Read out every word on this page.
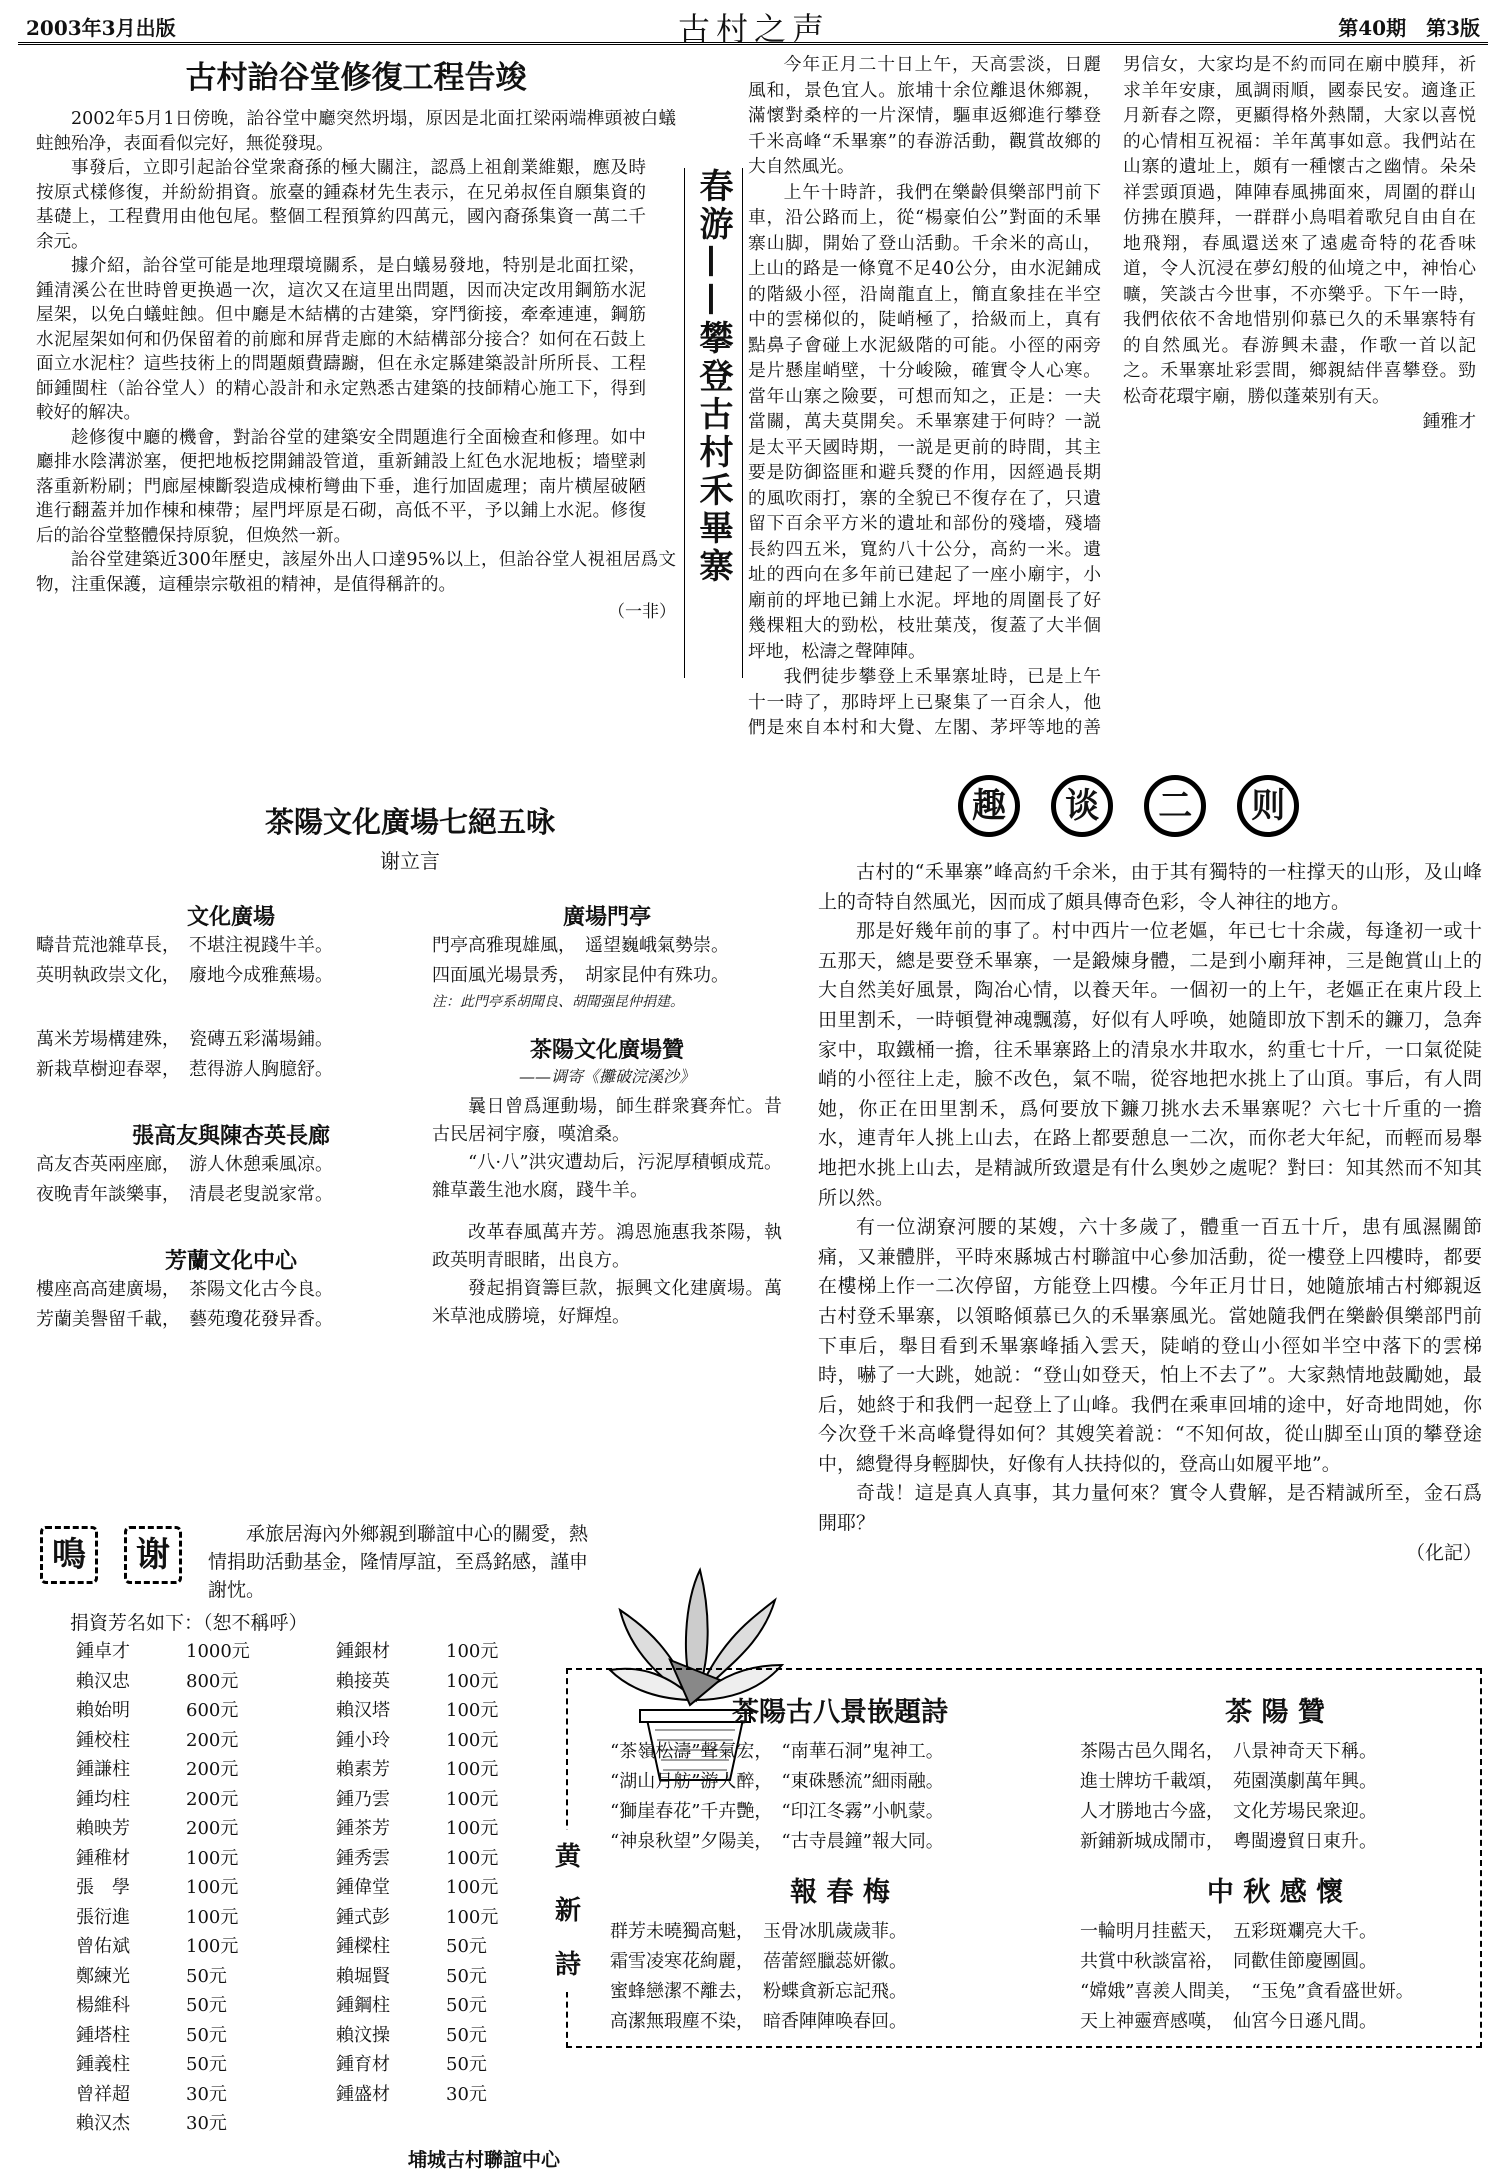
2003年3月出版	古村之声	第40期　第3版
古村詒谷堂修復工程告竣

2002年5月1日傍晚，詒谷堂中廳突然坍塌，原因是北面扛梁兩端榫頭被白蟻蛀蝕殆净，表面看似完好，無從發現。

事發后，立即引起詒谷堂衆裔孫的極大關注，認爲上祖創業維艱，應及時按原式樣修復，并紛紛捐資。旅臺的鍾森材先生表示，在兄弟叔侄自願集資的基礎上，工程費用由他包尾。整個工程預算約四萬元，國內裔孫集資一萬二千余元。

據介紹，詒谷堂可能是地理環境關系，是白蟻易發地，特别是北面扛梁，鍾清溪公在世時曾更换過一次，這次又在這里出問題，因而决定改用鋼筋水泥屋架，以免白蟻蛀蝕。但中廳是木結構的古建築，穿鬥銜接，牽牽連連，鋼筋水泥屋架如何和仍保留着的前廊和屏背走廊的木結構部分接合？如何在石鼓上面立水泥柱？這些技術上的問題頗費躊躕，但在永定縣建築設計所所長、工程師鍾閩柱（詒谷堂人）的精心設計和永定熟悉古建築的技師精心施工下，得到較好的解决。

趁修復中廳的機會，對詒谷堂的建築安全問題進行全面檢查和修理。如中廳排水陰溝淤塞，便把地板挖開鋪設管道，重新鋪設上紅色水泥地板；墻壁剥落重新粉刷；門廊屋棟斷裂造成棟桁彎曲下垂，進行加固處理；南片横屋破陋進行翻蓋并加作棟和棟帶；屋門坪原是石砌，高低不平，予以鋪上水泥。修復后的詒谷堂整體保持原貌，但焕然一新。

詒谷堂建築近300年歷史，該屋外出人口達95%以上，但詒谷堂人視祖居爲文物，注重保護，這種崇宗敬祖的精神，是值得稱許的。

（一非）
春游——攀登古村禾畢寨

今年正月二十日上午，天高雲淡，日麗風和，景色宜人。旅埔十余位離退休鄉親，滿懷對桑梓的一片深情，驅車返鄉進行攀登千米高峰“禾畢寨”的春游活動，觀賞故鄉的大自然風光。

上午十時許，我們在樂齡俱樂部門前下車，沿公路而上，從“楊豪伯公”對面的禾畢寨山脚，開始了登山活動。千余米的高山，上山的路是一條寬不足40公分，由水泥鋪成的階級小徑，沿崗龍直上，簡直象挂在半空中的雲梯似的，陡峭極了，拾級而上，真有點鼻子會碰上水泥級階的可能。小徑的兩旁是片懸崖峭壁，十分峻險，確實令人心寒。當年山寨之險要，可想而知之，正是：一夫當關，萬夫莫開矣。禾畢寨建于何時？一説是太平天國時期，一説是更前的時間，其主要是防御盜匪和避兵燹的作用，因經過長期的風吹雨打，寨的全貌已不復存在了，只遺留下百余平方米的遺址和部份的殘墻，殘墻長約四五米，寬約八十公分，高約一米。遺址的西向在多年前已建起了一座小廟宇，小廟前的坪地已鋪上水泥。坪地的周圍長了好幾棵粗大的勁松，枝壯葉茂，復蓋了大半個坪地，松濤之聲陣陣。

我們徒步攀登上禾畢寨址時，已是上午十一時了，那時坪上已聚集了一百余人，他們是來自本村和大覺、左閣、茅坪等地的善男信女，大家均是不約而同在廟中膜拜，祈求羊年安康，風調雨順，國泰民安。適逢正月新春之際，更顯得格外熱鬧，大家以喜悦的心情相互祝福：羊年萬事如意。我們站在山寨的遺址上，頗有一種懷古之幽情。朵朵祥雲頭頂過，陣陣春風拂面來，周圍的群山仿拂在膜拜，一群群小鳥唱着歌兒自由自在地飛翔，春風還送來了遠處奇特的花香味道，令人沉浸在夢幻般的仙境之中，神怡心曠，笑談古今世事，不亦樂乎。下午一時，我們依依不舍地惜别仰慕已久的禾畢寨特有的自然風光。春游興未盡，作歌一首以記之。禾畢寨址彩雲間，鄉親結伴喜攀登。勁松奇花環宇廟，勝似蓬萊别有天。

鍾雅才
茶陽文化廣場七絕五咏
谢立言
文化廣場
疇昔荒池雜草長，　不堪注視踐牛羊。
英明執政崇文化，　廢地今成雅蕪場。
萬米芳場構建殊，　瓷磚五彩滿場鋪。
新栽草樹迎春翠，　惹得游人胸臆舒。
張高友與陳杏英長廊
高友杏英兩座廊，　游人休憩乘風凉。
夜晚青年談樂事，　清晨老叟説家常。
芳蘭文化中心
樓座高高建廣場，　茶陽文化古今良。
芳蘭美譽留千載，　藝苑瓊花發异香。
廣場門亭
門亭高雅現雄風，　遥望巍峨氣勢崇。
四面風光場景秀，　胡家昆仲有殊功。
注：此門亭系胡聞良、胡聞强昆仲捐建。
茶陽文化廣場贊
——调寄《攤破浣溪沙》

曩日曾爲運動場，師生群衆賽奔忙。昔古民居祠宇廢，嘆滄桑。

“八·八”洪灾遭劫后，污泥厚積頓成荒。雜草叢生池水腐，踐牛羊。

改革春風萬卉芳。鴻恩施惠我茶陽，執政英明青眼睹，出良方。

發起捐資籌巨款，振興文化建廣場。萬米草池成勝境，好輝煌。

鳴	谢
承旅居海內外鄉親到聯誼中心的關愛，熱情捐助活動基金，隆情厚誼，至爲銘感，謹申謝忱。
捐資芳名如下：（恕不稱呼）
鍾卓才	1000元
賴汉忠	800元
賴始明	600元
鍾校柱	200元
鍾謙柱	200元
鍾均柱	200元
賴映芳	200元
鍾稚材	100元
張　學	100元
張衍進	100元
曾佑斌	100元
鄭練光	50元
楊維科	50元
鍾塔柱	50元
鍾義柱	50元
曾祥超	30元
賴汉杰	30元
鍾銀材	100元
賴接英	100元
賴汉塔	100元
鍾小玲	100元
賴素芳	100元
鍾乃雲	100元
鍾茶芳	100元
鍾秀雲	100元
鍾偉堂	100元
鍾式彭	100元
鍾樑柱	50元
賴堀賢	50元
鍾鋼柱	50元
賴汶操	50元
鍾育材	50元
鍾盛材	30元
埔城古村聯誼中心
趣 谈 二 则

古村的“禾畢寨”峰高約千余米，由于其有獨特的一柱撑天的山形，及山峰上的奇特自然風光，因而成了頗具傳奇色彩，令人神往的地方。

那是好幾年前的事了。村中西片一位老嫗，年已七十余歲，每逢初一或十五那天，總是要登禾畢寨，一是鍛煉身體，二是到小廟拜神，三是飽賞山上的大自然美好風景，陶冶心情，以養天年。一個初一的上午，老嫗正在東片段上田里割禾，一時頓覺神魂飄蕩，好似有人呼唤，她隨即放下割禾的鐮刀，急奔家中，取鐵桶一擔，往禾畢寨路上的清泉水井取水，約重七十斤，一口氣從陡峭的小徑往上走，臉不改色，氣不喘，從容地把水挑上了山頂。事后，有人問她，你正在田里割禾，爲何要放下鐮刀挑水去禾畢寨呢？六七十斤重的一擔水，連青年人挑上山去，在路上都要憩息一二次，而你老大年紀，而輕而易舉地把水挑上山去，是精誠所致還是有什么奥妙之處呢？對曰：知其然而不知其所以然。

有一位湖寮河腰的某嫂，六十多歲了，體重一百五十斤，患有風濕關節痛，又兼體胖，平時來縣城古村聯誼中心參加活動，從一樓登上四樓時，都要在樓梯上作一二次停留，方能登上四樓。今年正月廿日，她隨旅埔古村鄉親返古村登禾畢寨，以領略傾慕已久的禾畢寨風光。當她隨我們在樂齡俱樂部門前下車后，舉目看到禾畢寨峰插入雲天，陡峭的登山小徑如半空中落下的雲梯時，嚇了一大跳，她説：“登山如登天，怕上不去了”。大家熱情地鼓勵她，最后，她終于和我們一起登上了山峰。我們在乘車回埔的途中，好奇地問她，你今次登千米高峰覺得如何？其嫂笑着説：“不知何故，從山脚至山頂的攀登途中，總覺得身輕脚快，好像有人扶持似的，登高山如履平地”。

奇哉！這是真人真事，其力量何來？實令人費解，是否精誠所至，金石爲開耶？

（化記）
黄
新
詩
茶陽古八景嵌題詩
“茶嶺松濤”聲氣宏，　“南華石洞”鬼神工。
“湖山月舫”游人醉，　“東硃懸流”細雨融。
“獅崖春花”千卉艷，　“印江冬霧”小帆蒙。
“神泉秋望”夕陽美，　“古寺晨鐘”報大同。
茶 陽 贊
茶陽古邑久聞名，　八景神奇天下稱。
進士牌坊千載頌，　苑園漢劇萬年興。
人才勝地古今盛，　文化芳場民衆迎。
新鋪新城成鬧市，　粵閩邊貿日東升。
報 春 梅
群芳未曉獨高魁，　玉骨冰肌歲歲菲。
霜雪凌寒花絢麗，　蓓蕾經臘蕊妍徽。
蜜蜂戀潔不離去，　粉蝶貪新忘記飛。
高潔無瑕塵不染，　暗香陣陣唤春回。
中 秋 感 懷
一輪明月挂藍天，　五彩斑斕亮大千。
共賞中秋談富裕，　同歡佳節慶團圓。
“嫦娥”喜羨人間美，　“玉兔”貪看盛世妍。
天上神靈齊感嘆，　仙宮今日遜凡間。
